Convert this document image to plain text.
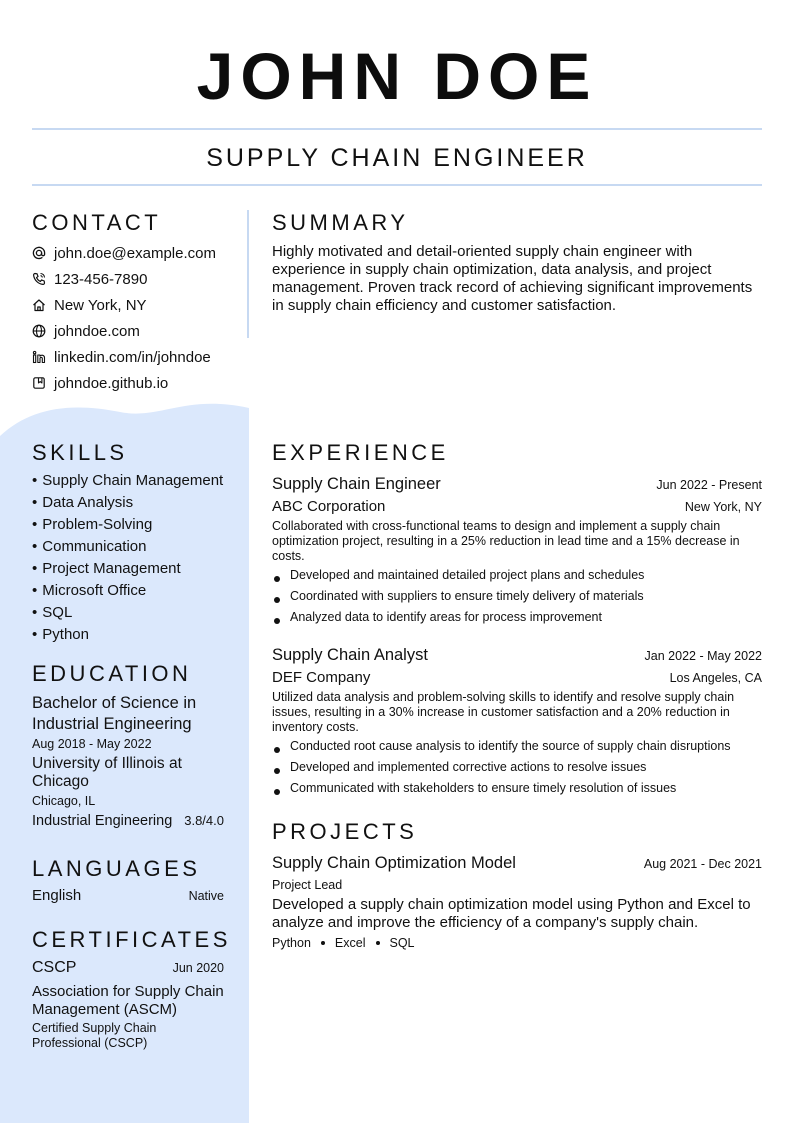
JOHN DOE
SUPPLY CHAIN ENGINEER
CONTACT
john.doe@example.com
123-456-7890
New York, NY
johndoe.com
linkedin.com/in/johndoe
johndoe.github.io
SUMMARY

Highly motivated and detail-oriented supply chain engineer with experience in supply chain optimization, data analysis, and project management. Proven track record of achieving significant improvements in supply chain efficiency and customer satisfaction.

SKILLS
• Supply Chain Management
• Data Analysis
• Problem-Solving
• Communication
• Project Management
• Microsoft Office
• SQL
• Python
EDUCATION
Bachelor of Science in Industrial Engineering
Aug 2018 - May 2022
University of Illinois at Chicago
Chicago, IL
Industrial Engineering 3.8/4.0
LANGUAGES
English	Native
CERTIFICATES
CSCP	Jun 2020
Association for Supply Chain Management (ASCM)
Certified Supply Chain Professional (CSCP)
EXPERIENCE
Supply Chain Engineer	Jun 2022 - Present
ABC Corporation	New York, NY

Collaborated with cross-functional teams to design and implement a supply chain optimization project, resulting in a 25% reduction in lead time and a 15% decrease in costs.

Developed and maintained detailed project plans and schedules
Coordinated with suppliers to ensure timely delivery of materials
Analyzed data to identify areas for process improvement
Supply Chain Analyst	Jan 2022 - May 2022
DEF Company	Los Angeles, CA

Utilized data analysis and problem-solving skills to identify and resolve supply chain issues, resulting in a 30% increase in customer satisfaction and a 20% reduction in inventory costs.

Conducted root cause analysis to identify the source of supply chain disruptions
Developed and implemented corrective actions to resolve issues
Communicated with stakeholders to ensure timely resolution of issues
PROJECTS
Supply Chain Optimization Model	Aug 2021 - Dec 2021
Project Lead
Developed a supply chain optimization model using Python and Excel to analyze and improve the efficiency of a company's supply chain.
Python Excel SQL
